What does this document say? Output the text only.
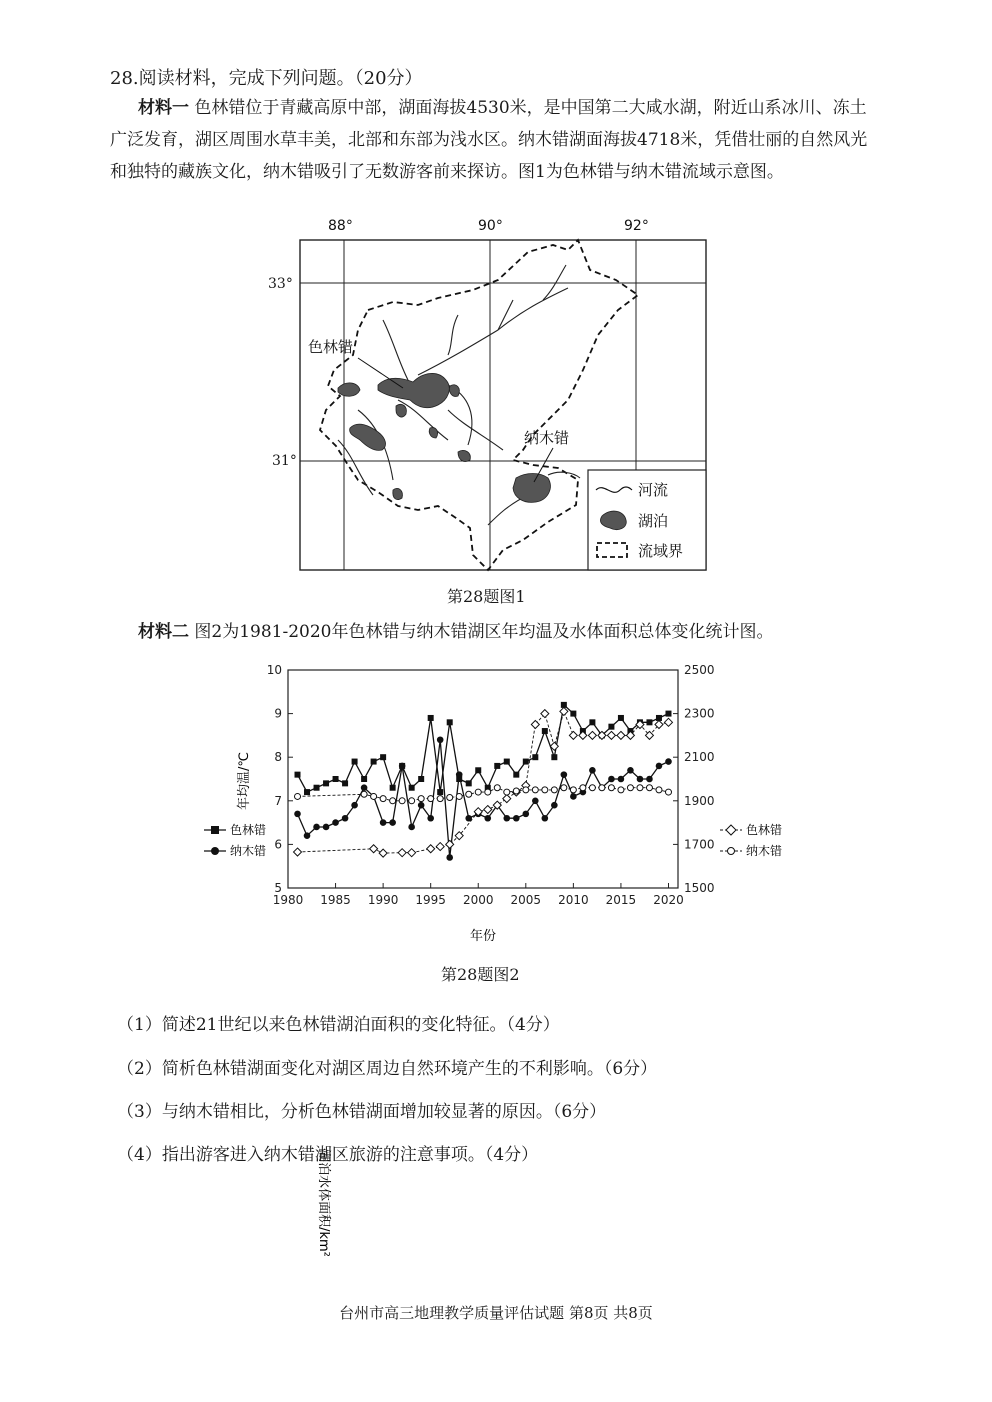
28.阅读材料，完成下列问题。（20分）
材料一 色林错位于青藏高原中部，湖面海拔4530米，是中国第二大咸水湖，附近山系冰川、冻土广泛发育，湖区周围水草丰美，北部和东部为浅水区。纳木错湖面海拔4718米，凭借壮丽的自然风光和独特的藏族文化，纳木错吸引了无数游客前来探访。图1为色林错与纳木错流域示意图。
88°	90°	92°
色林错
纳木错
河流
湖泊
流域界
33°
31°
第28题图1
材料二 图2为1981-2020年色林错与纳木错湖区年均温及水体面积总体变化统计图。
5
6
7
8
9
10
1500
1700
1900
2100
2300
2500
1980 1985 1990 1995 2000 2005 2010 2015 2020
年均温/℃
湖泊水体面积/km²
年份
色林错
纳木错
色林错
纳木错
第28题图2
（1）简述21世纪以来色林错湖泊面积的变化特征。（4分）
（2）简析色林错湖面变化对湖区周边自然环境产生的不利影响。（6分）
（3）与纳木错相比，分析色林错湖面增加较显著的原因。（6分）
（4）指出游客进入纳木错湖区旅游的注意事项。（4分）
台州市高三地理教学质量评估试题 第8页 共8页
